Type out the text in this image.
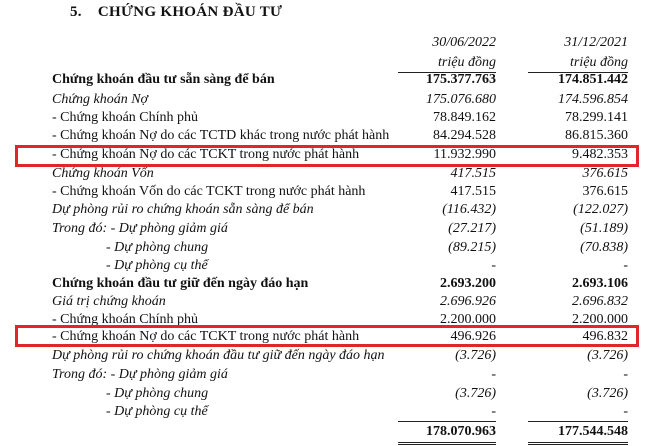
5. CHỨNG KHOÁN ĐẦU TƯ
30/06/2022	31/12/2021
triệu đồng	triệu đồng
Chứng khoán đầu tư sẵn sàng để bán	175.377.763	174.851.442
Chứng khoán Nợ	175.076.680	174.596.854
- Chứng khoán Chính phủ	78.849.162	78.299.141
- Chứng khoán Nợ do các TCTD khác trong nước phát hành	84.294.528	86.815.360
- Chứng khoán Nợ do các TCKT trong nước phát hành	11.932.990	9.482.353
Chứng khoán Vốn	417.515	376.615
- Chứng khoán Vốn do các TCKT trong nước phát hành	417.515	376.615
Dự phòng rủi ro chứng khoán sẵn sàng để bán	(116.432)	(122.027)
Trong đó: - Dự phòng giảm giá	(27.217)	(51.189)
- Dự phòng chung	(89.215)	(70.838)
- Dự phòng cụ thể	-	-
Chứng khoán đầu tư giữ đến ngày đáo hạn	2.693.200	2.693.106
Giá trị chứng khoán	2.696.926	2.696.832
- Chứng khoán Chính phủ	2.200.000	2.200.000
- Chứng khoán Nợ do các TCKT trong nước phát hành	496.926	496.832
Dự phòng rủi ro chứng khoán đầu tư giữ đến ngày đáo hạn	(3.726)	(3.726)
Trong đó: - Dự phòng giảm giá	-	-
- Dự phòng chung	(3.726)	(3.726)
- Dự phòng cụ thể	-	-
178.070.963	177.544.548
